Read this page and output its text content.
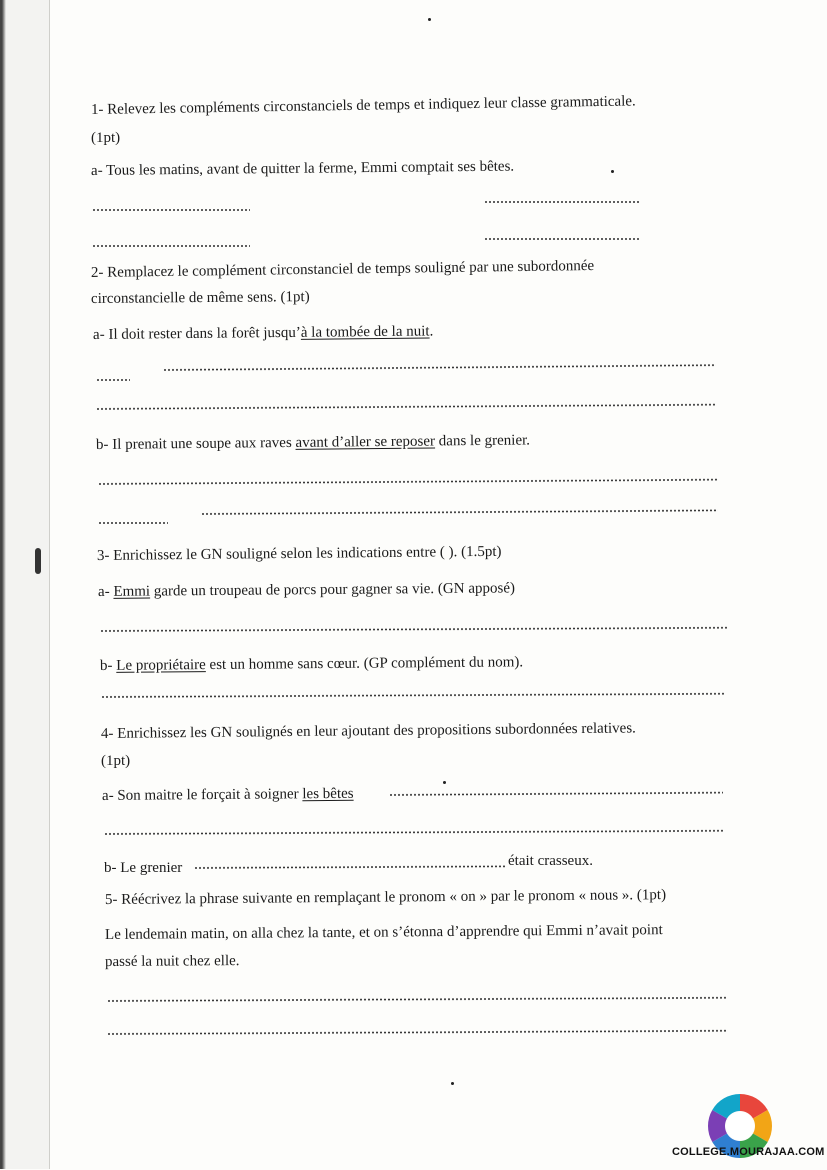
1- Relevez les compléments circonstanciels de temps et indiquez leur classe grammaticale.
(1pt)
a- Tous les matins, avant de quitter la ferme, Emmi comptait ses bêtes.
2- Remplacez le complément circonstanciel de temps souligné par une subordonnée
circonstancielle de même sens. (1pt)
a- Il doit rester dans la forêt jusqu’à la tombée de la nuit.
b- Il prenait une soupe aux raves avant d’aller se reposer dans le grenier.
3- Enrichissez le GN souligné selon les indications entre ( ). (1.5pt)
a- Emmi garde un troupeau de porcs pour gagner sa vie. (GN apposé)
b- Le propriétaire est un homme sans cœur. (GP complément du nom).
4- Enrichissez les GN soulignés en leur ajoutant des propositions subordonnées relatives.
(1pt)
a- Son maitre le forçait à soigner les bêtes
b- Le grenier	était crasseux.
5- Réécrivez la phrase suivante en remplaçant le pronom « on » par le pronom « nous ». (1pt)
Le lendemain matin, on alla chez la tante, et on s’étonna d’apprendre qui Emmi n’avait point
passé la nuit chez elle.
COLLEGE.MOURAJAA.COM
